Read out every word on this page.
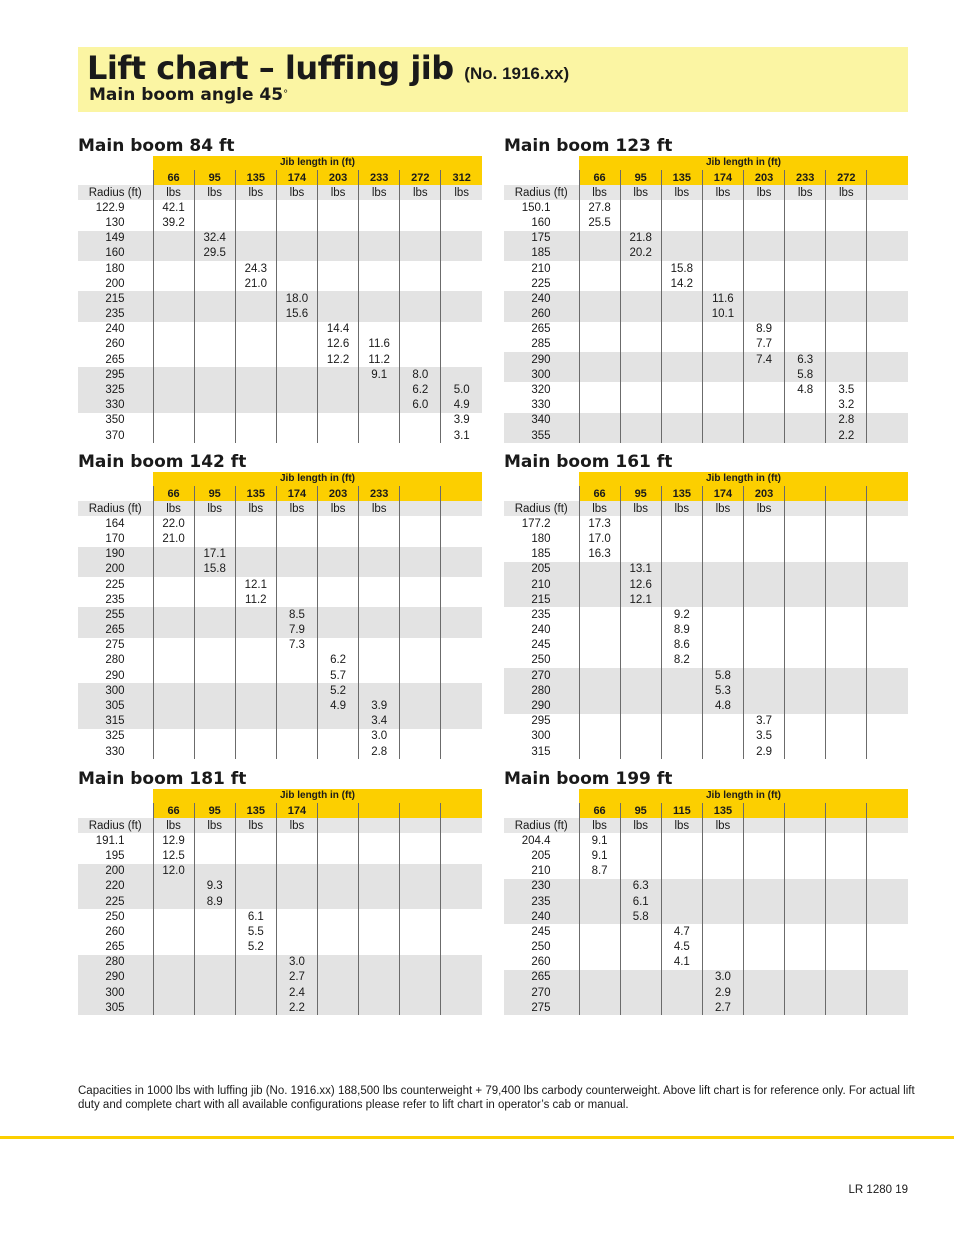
Lift chart – luffing jib (No. 1916.xx)
Main boom angle 45°
Main boom 84 ft
	Jib length in (ft)							
	66	95	135	174	203	233	272	312
Radius (ft)	lbs	lbs	lbs	lbs	lbs	lbs	lbs	lbs
122.9	42.1							
130	39.2							
149		32.4						
160		29.5						
180			24.3					
200			21.0					
215				18.0				
235				15.6				
240					14.4			
260					12.6	11.6		
265					12.2	11.2		
295						9.1	8.0	
325							6.2	5.0
330							6.0	4.9
350								3.9
370								3.1
Main boom 123 ft
	Jib length in (ft)							
	66	95	135	174	203	233	272	
Radius (ft)	lbs	lbs	lbs	lbs	lbs	lbs	lbs	
150.1	27.8							
160	25.5							
175		21.8						
185		20.2						
210			15.8					
225			14.2					
240				11.6				
260				10.1				
265					8.9			
285					7.7			
290					7.4	6.3		
300						5.8		
320						4.8	3.5	
330							3.2	
340							2.8	
355							2.2	
Main boom 142 ft
	Jib length in (ft)							
	66	95	135	174	203	233		
Radius (ft)	lbs	lbs	lbs	lbs	lbs	lbs		
164	22.0							
170	21.0							
190		17.1						
200		15.8						
225			12.1					
235			11.2					
255				8.5				
265				7.9				
275				7.3				
280					6.2			
290					5.7			
300					5.2			
305					4.9	3.9		
315						3.4		
325						3.0		
330						2.8		
Main boom 161 ft
	Jib length in (ft)							
	66	95	135	174	203			
Radius (ft)	lbs	lbs	lbs	lbs	lbs			
177.2	17.3							
180	17.0							
185	16.3							
205		13.1						
210		12.6						
215		12.1						
235			9.2					
240			8.9					
245			8.6					
250			8.2					
270				5.8				
280				5.3				
290				4.8				
295					3.7			
300					3.5			
315					2.9			
Main boom 181 ft
	Jib length in (ft)							
	66	95	135	174				
Radius (ft)	lbs	lbs	lbs	lbs				
191.1	12.9							
195	12.5							
200	12.0							
220		9.3						
225		8.9						
250			6.1					
260			5.5					
265			5.2					
280				3.0				
290				2.7				
300				2.4				
305				2.2				
Main boom 199 ft
	Jib length in (ft)							
	66	95	115	135				
Radius (ft)	lbs	lbs	lbs	lbs				
204.4	9.1							
205	9.1							
210	8.7							
230		6.3						
235		6.1						
240		5.8						
245			4.7					
250			4.5					
260			4.1					
265				3.0				
270				2.9				
275				2.7				

Capacities in 1000 lbs with luffing jib (No. 1916.xx) 188,500 lbs counterweight + 79,400 lbs carbody counterweight. Above lift chart is for reference only. For actual lift duty and complete chart with all available configurations please refer to lift chart in operator’s cab or manual.

LR 1280 19
